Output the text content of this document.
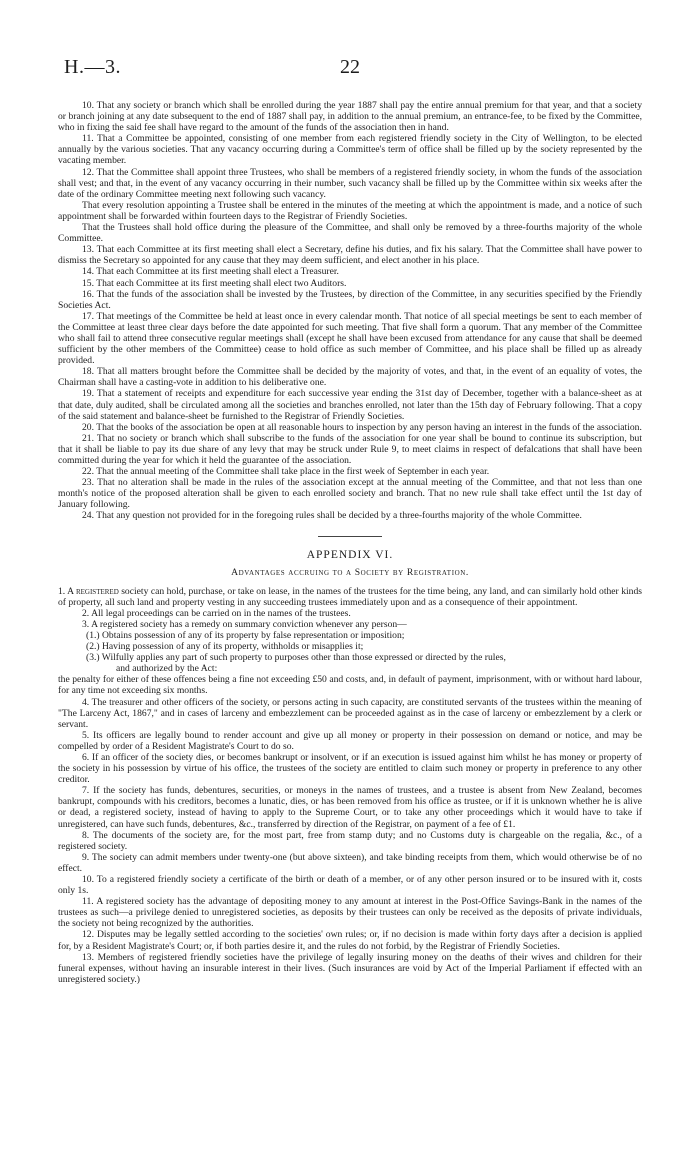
H.—3.	22

10. That any society or branch which shall be enrolled during the year 1887 shall pay the entire annual premium for that year, and that a society or branch joining at any date subsequent to the end of 1887 shall pay, in addition to the annual premium, an entrance-fee, to be fixed by the Committee, who in fixing the said fee shall have regard to the amount of the funds of the association then in hand.

11. That a Committee be appointed, consisting of one member from each registered friendly society in the City of Wellington, to be elected annually by the various societies. That any vacancy occurring during a Committee's term of office shall be filled up by the society represented by the vacating member.

12. That the Committee shall appoint three Trustees, who shall be members of a registered friendly society, in whom the funds of the association shall vest; and that, in the event of any vacancy occurring in their number, such vacancy shall be filled up by the Committee within six weeks after the date of the ordinary Committee meeting next following such vacancy.

That every resolution appointing a Trustee shall be entered in the minutes of the meeting at which the appointment is made, and a notice of such appointment shall be forwarded within fourteen days to the Registrar of Friendly Societies.

That the Trustees shall hold office during the pleasure of the Committee, and shall only be removed by a three-fourths majority of the whole Committee.

13. That each Committee at its first meeting shall elect a Secretary, define his duties, and fix his salary. That the Committee shall have power to dismiss the Secretary so appointed for any cause that they may deem sufficient, and elect another in his place.

14. That each Committee at its first meeting shall elect a Treasurer.

15. That each Committee at its first meeting shall elect two Auditors.

16. That the funds of the association shall be invested by the Trustees, by direction of the Committee, in any securities specified by the Friendly Societies Act.

17. That meetings of the Committee be held at least once in every calendar month. That notice of all special meetings be sent to each member of the Committee at least three clear days before the date appointed for such meeting. That five shall form a quorum. That any member of the Committee who shall fail to attend three consecutive regular meetings shall (except he shall have been excused from attendance for any cause that shall be deemed sufficient by the other members of the Committee) cease to hold office as such member of Committee, and his place shall be filled up as already provided.

18. That all matters brought before the Committee shall be decided by the majority of votes, and that, in the event of an equality of votes, the Chairman shall have a casting-vote in addition to his deliberative one.

19. That a statement of receipts and expenditure for each successive year ending the 31st day of December, together with a balance-sheet as at that date, duly audited, shall be circulated among all the societies and branches enrolled, not later than the 15th day of February following. That a copy of the said statement and balance-sheet be furnished to the Registrar of Friendly Societies.

20. That the books of the association be open at all reasonable hours to inspection by any person having an interest in the funds of the association.

21. That no society or branch which shall subscribe to the funds of the association for one year shall be bound to continue its subscription, but that it shall be liable to pay its due share of any levy that may be struck under Rule 9, to meet claims in respect of defalcations that shall have been committed during the year for which it held the guarantee of the association.

22. That the annual meeting of the Committee shall take place in the first week of September in each year.

23. That no alteration shall be made in the rules of the association except at the annual meeting of the Committee, and that not less than one month's notice of the proposed alteration shall be given to each enrolled society and branch. That no new rule shall take effect until the 1st day of January following.

24. That any question not provided for in the foregoing rules shall be decided by a three-fourths majority of the whole Committee.

APPENDIX VI.
Advantages accruing to a Society by Registration.

1. A registered society can hold, purchase, or take on lease, in the names of the trustees for the time being, any land, and can similarly hold other kinds of property, all such land and property vesting in any succeeding trustees immediately upon and as a consequence of their appointment.

2. All legal proceedings can be carried on in the names of the trustees.

3. A registered society has a remedy on summary conviction whenever any person—

(1.) Obtains possession of any of its property by false representation or imposition;

(2.) Having possession of any of its property, withholds or misapplies it;

(3.) Wilfully applies any part of such property to purposes other than those expressed or directed by the rules,

and authorized by the Act:

the penalty for either of these offences being a fine not exceeding £50 and costs, and, in default of payment, imprisonment, with or without hard labour, for any time not exceeding six months.

4. The treasurer and other officers of the society, or persons acting in such capacity, are constituted servants of the trustees within the meaning of "The Larceny Act, 1867," and in cases of larceny and embezzlement can be proceeded against as in the case of larceny or embezzlement by a clerk or servant.

5. Its officers are legally bound to render account and give up all money or property in their possession on demand or notice, and may be compelled by order of a Resident Magistrate's Court to do so.

6. If an officer of the society dies, or becomes bankrupt or insolvent, or if an execution is issued against him whilst he has money or property of the society in his possession by virtue of his office, the trustees of the society are entitled to claim such money or property in preference to any other creditor.

7. If the society has funds, debentures, securities, or moneys in the names of trustees, and a trustee is absent from New Zealand, becomes bankrupt, compounds with his creditors, becomes a lunatic, dies, or has been removed from his office as trustee, or if it is unknown whether he is alive or dead, a registered society, instead of having to apply to the Supreme Court, or to take any other proceedings which it would have to take if unregistered, can have such funds, debentures, &c., transferred by direction of the Registrar, on payment of a fee of £1.

8. The documents of the society are, for the most part, free from stamp duty; and no Customs duty is chargeable on the regalia, &c., of a registered society.

9. The society can admit members under twenty-one (but above sixteen), and take binding receipts from them, which would otherwise be of no effect.

10. To a registered friendly society a certificate of the birth or death of a member, or of any other person insured or to be insured with it, costs only 1s.

11. A registered society has the advantage of depositing money to any amount at interest in the Post-Office Savings-Bank in the names of the trustees as such—a privilege denied to unregistered societies, as deposits by their trustees can only be received as the deposits of private individuals, the society not being recognized by the authorities.

12. Disputes may be legally settled according to the societies' own rules; or, if no decision is made within forty days after a decision is applied for, by a Resident Magistrate's Court; or, if both parties desire it, and the rules do not forbid, by the Registrar of Friendly Societies.

13. Members of registered friendly societies have the privilege of legally insuring money on the deaths of their wives and children for their funeral expenses, without having an insurable interest in their lives. (Such insurances are void by Act of the Imperial Parliament if effected with an unregistered society.)
